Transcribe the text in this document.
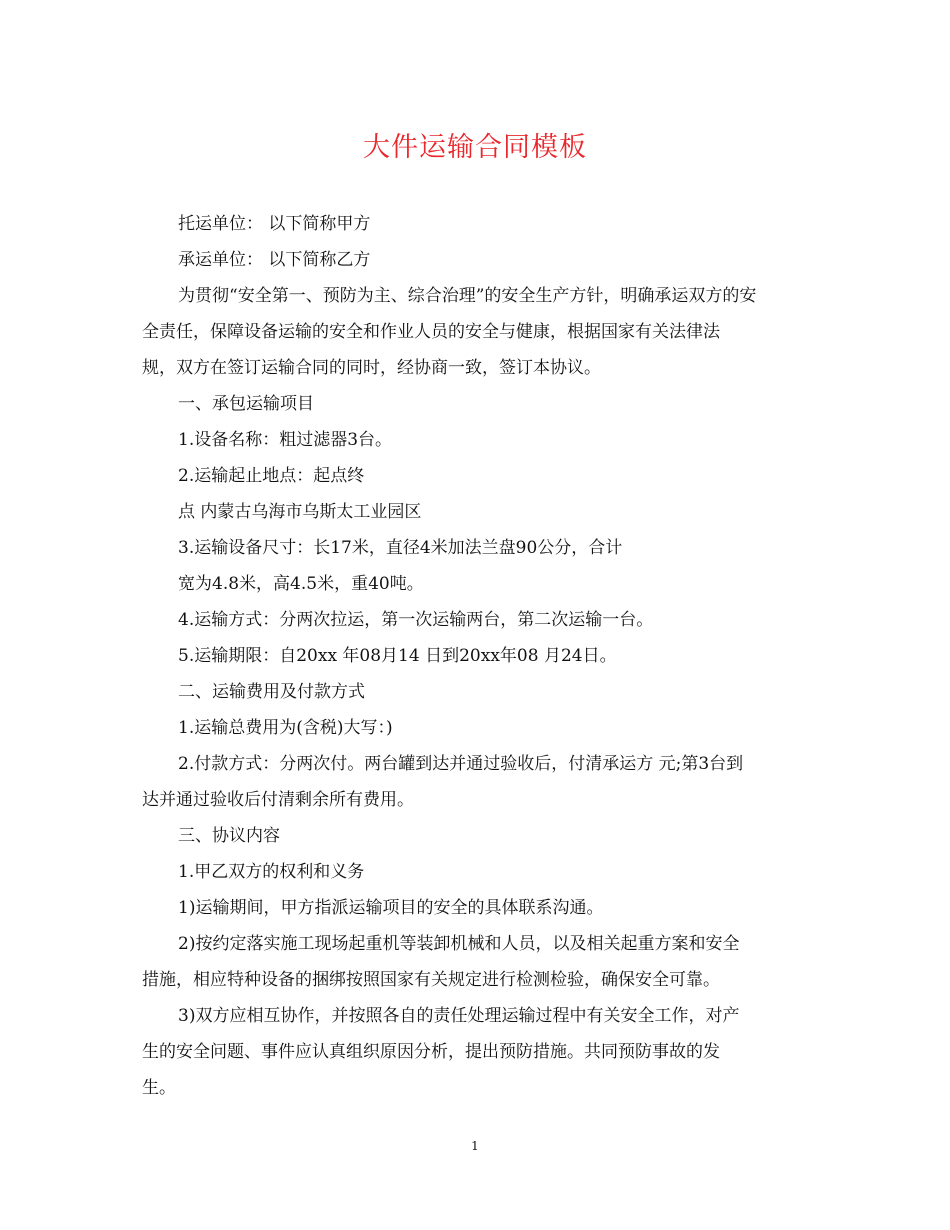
大件运输合同模板
托运单位： 以下简称甲方
承运单位： 以下简称乙方
为贯彻“安全第一、预防为主、综合治理”的安全生产方针，明确承运双方的安
全责任，保障设备运输的安全和作业人员的安全与健康，根据国家有关法律法
规，双方在签订运输合同的同时，经协商一致，签订本协议。
一、承包运输项目
1.设备名称：粗过滤器3台。
2.运输起止地点：起点终
点 内蒙古乌海市乌斯太工业园区
3.运输设备尺寸：长17米，直径4米加法兰盘90公分，合计
宽为4.8米，高4.5米，重40吨。
4.运输方式：分两次拉运，第一次运输两台，第二次运输一台。
5.运输期限：自20xx 年08月14 日到20xx年08 月24日。
二、运输费用及付款方式
1.运输总费用为(含税)大写：)
2.付款方式：分两次付。两台罐到达并通过验收后，付清承运方 元;第3台到
达并通过验收后付清剩余所有费用。
三、协议内容
1.甲乙双方的权利和义务
1)运输期间，甲方指派运输项目的安全的具体联系沟通。
2)按约定落实施工现场起重机等装卸机械和人员，以及相关起重方案和安全
措施，相应特种设备的捆绑按照国家有关规定进行检测检验，确保安全可靠。
3)双方应相互协作，并按照各自的责任处理运输过程中有关安全工作，对产
生的安全问题、事件应认真组织原因分析，提出预防措施。共同预防事故的发
生。
1
